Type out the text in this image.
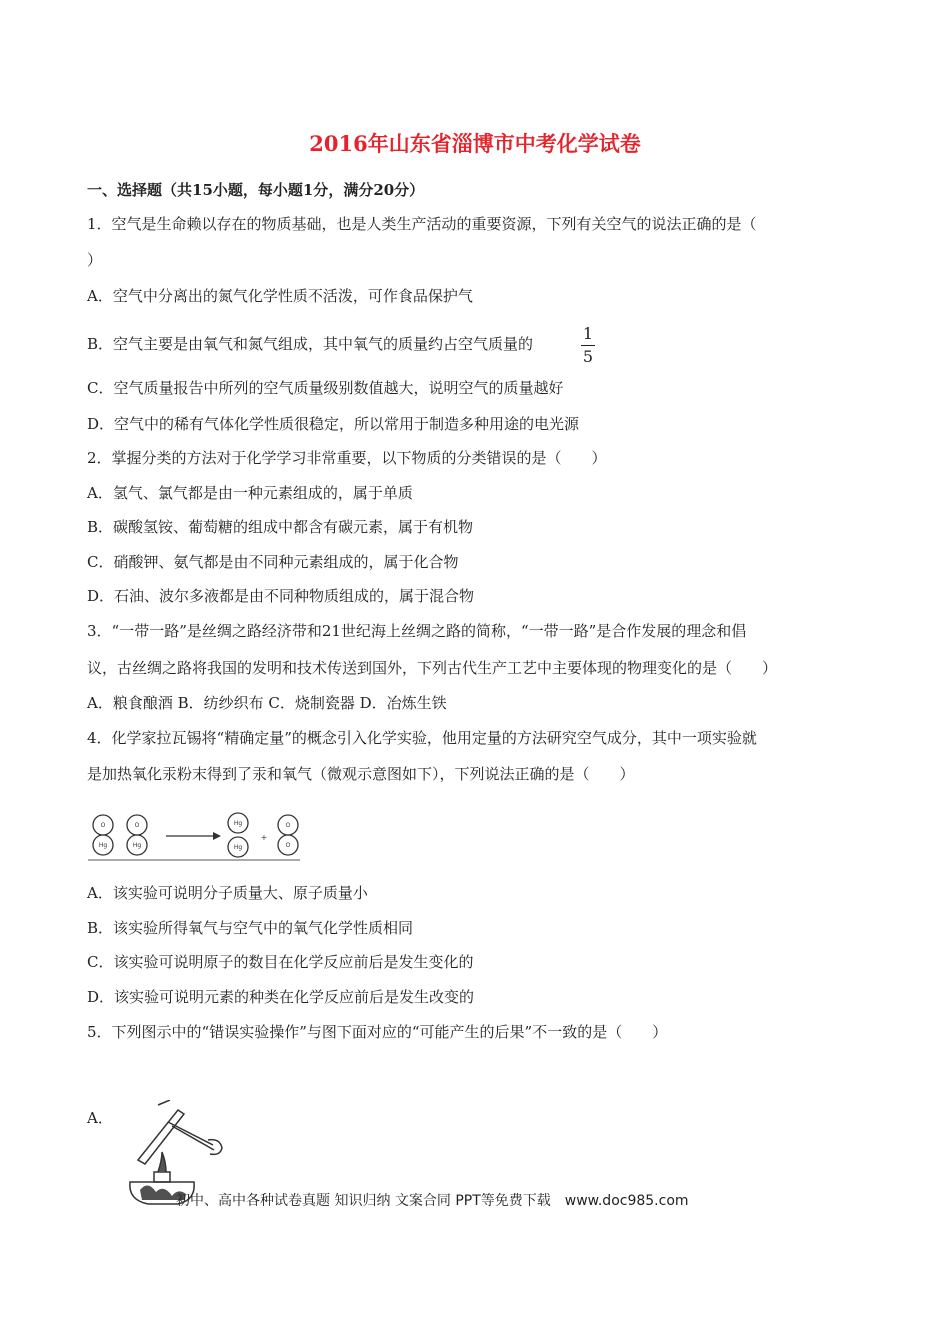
2016年山东省淄博市中考化学试卷
一、选择题（共15小题，每小题1分，满分20分）
1．空气是生命赖以存在的物质基础，也是人类生产活动的重要资源，下列有关空气的说法正确的是（
）
A．空气中分离出的氮气化学性质不活泼，可作食品保护气
B．空气主要是由氧气和氮气组成，其中氧气的质量约占空气质量的
1
5
C．空气质量报告中所列的空气质量级别数值越大，说明空气的质量越好
D．空气中的稀有气体化学性质很稳定，所以常用于制造多种用途的电光源
2．掌握分类的方法对于化学学习非常重要，以下物质的分类错误的是（　　）
A．氢气、氯气都是由一种元素组成的，属于单质
B．碳酸氢铵、葡萄糖的组成中都含有碳元素，属于有机物
C．硝酸钾、氨气都是由不同种元素组成的，属于化合物
D．石油、波尔多液都是由不同种物质组成的，属于混合物
3．“一带一路”是丝绸之路经济带和21世纪海上丝绸之路的简称，“一带一路”是合作发展的理念和倡
议，古丝绸之路将我国的发明和技术传送到国外，下列古代生产工艺中主要体现的物理变化的是（　　）
A．粮食酿酒 B．纺纱织布 C．烧制瓷器 D．冶炼生铁
4．化学家拉瓦锡将“精确定量”的概念引入化学实验，他用定量的方法研究空气成分，其中一项实验就
是加热氧化汞粉末得到了汞和氧气（微观示意图如下），下列说法正确的是（　　）
O
Hg
O
Hg
Hg
Hg
+
O
O
A．该实验可说明分子质量大、原子质量小
B．该实验所得氧气与空气中的氧气化学性质相同
C．该实验可说明原子的数目在化学反应前后是发生变化的
D．该实验可说明元素的种类在化学反应前后是发生改变的
5．下列图示中的“错误实验操作”与图下面对应的“可能产生的后果”不一致的是（　　）
A．
初中、高中各种试卷真题 知识归纳 文案合同 PPT等免费下载　www.doc985.com
